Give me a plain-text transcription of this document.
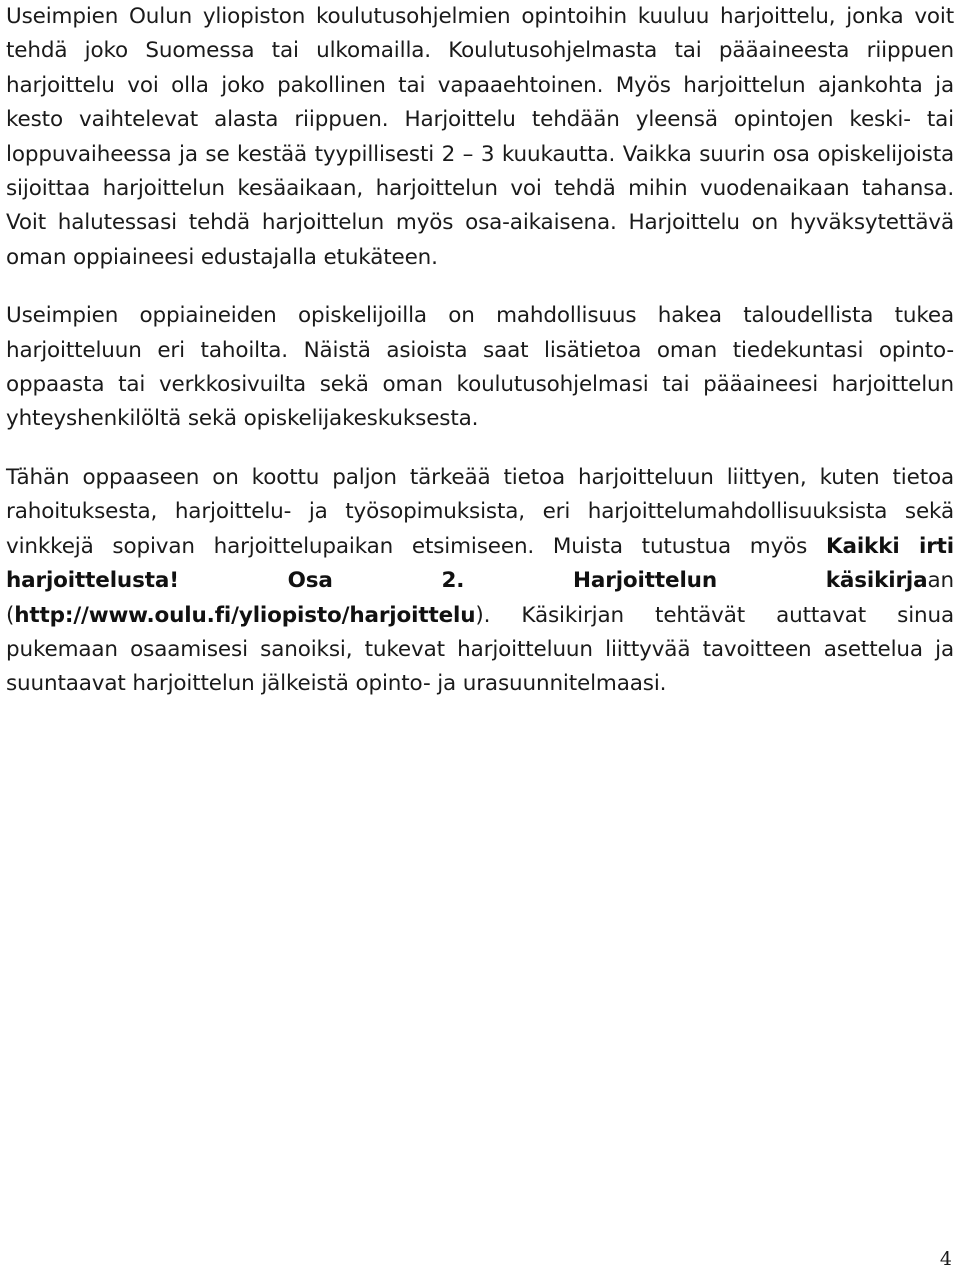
Useimpien Oulun yliopiston koulutusohjelmien opintoihin kuuluu harjoittelu, jonka voit tehdä joko Suomessa tai ulkomailla. Koulutusohjelmasta tai pääaineesta riippuen harjoittelu voi olla joko pakollinen tai vapaaehtoinen. Myös harjoittelun ajankohta ja kesto vaihtelevat alasta riippuen. Harjoittelu tehdään yleensä opintojen keski- tai loppuvaiheessa ja se kestää tyypillisesti 2 – 3 kuukautta. Vaikka suurin osa opiskelijoista sijoittaa harjoittelun kesäaikaan, harjoittelun voi tehdä mihin vuodenaikaan tahansa. Voit halutessasi tehdä harjoittelun myös osa-aikaisena. Harjoittelu on hyväksytettävä oman oppiaineesi edustajalla etukäteen.

Useimpien oppiaineiden opiskelijoilla on mahdollisuus hakea taloudellista tukea harjoitteluun eri tahoilta. Näistä asioista saat lisätietoa oman tiedekuntasi opinto-oppaasta tai verkkosivuilta sekä oman koulutusohjelmasi tai pääaineesi harjoittelun yhteyshenkilöltä sekä opiskelijakeskuksesta.

Tähän oppaaseen on koottu paljon tärkeää tietoa harjoitteluun liittyen, kuten tietoa rahoituksesta, harjoittelu- ja työsopimuksista, eri harjoittelumahdollisuuksista sekä vinkkejä sopivan harjoittelupaikan etsimiseen. Muista tutustua myös Kaikki irti harjoittelusta! Osa 2. Harjoittelun käsikirjaan (http://www.oulu.fi/yliopisto/harjoittelu). Käsikirjan tehtävät auttavat sinua pukemaan osaamisesi sanoiksi, tukevat harjoitteluun liittyvää tavoitteen asettelua ja suuntaavat harjoittelun jälkeistä opinto- ja urasuunnitelmaasi.

4
